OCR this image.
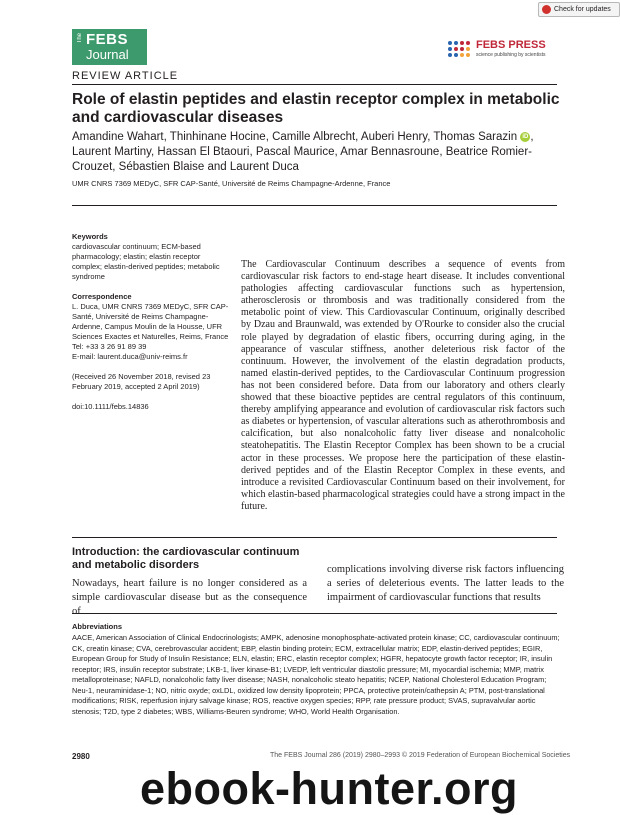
Check for updates
The FEBS
Journal
FEBS PRESS
science publishing by scientists
REVIEW ARTICLE
Role of elastin peptides and elastin receptor complex in metabolic and cardiovascular diseases
Amandine Wahart, Thinhinane Hocine, Camille Albrecht, Auberi Henry, Thomas Sarazin iD , Laurent Martiny, Hassan El Btaouri, Pascal Maurice, Amar Bennasroune, Beatrice Romier-Crouzet, Sébastien Blaise and Laurent Duca
UMR CNRS 7369 MEDyC, SFR CAP-Santé, Université de Reims Champagne-Ardenne, France
Keywords

cardiovascular continuum; ECM-based pharmacology; elastin; elastin receptor complex; elastin-derived peptides; metabolic syndrome

Correspondence

L. Duca, UMR CNRS 7369 MEDyC, SFR CAP-Santé, Université de Reims Champagne-Ardenne, Campus Moulin de la Housse, UFR Sciences Exactes et Naturelles, Reims, France

Tel: +33 3 26 91 89 39

E-mail: laurent.duca@univ-reims.fr

(Received 26 November 2018, revised 23 February 2019, accepted 2 April 2019)

doi:10.1111/febs.14836

The Cardiovascular Continuum describes a sequence of events from cardiovascular risk factors to end-stage heart disease. It includes conventional pathologies affecting cardiovascular functions such as hypertension, atherosclerosis or thrombosis and was traditionally considered from the metabolic point of view. This Cardiovascular Continuum, originally described by Dzau and Braunwald, was extended by O'Rourke to consider also the crucial role played by degradation of elastic fibers, occurring during aging, in the appearance of vascular stiffness, another deleterious risk factor of the continuum. However, the involvement of the elastin degradation products, named elastin-derived peptides, to the Cardiovascular Continuum progression has not been considered before. Data from our laboratory and others clearly showed that these bioactive peptides are central regulators of this continuum, thereby amplifying appearance and evolution of cardiovascular risk factors such as diabetes or hypertension, of vascular alterations such as atherothrombosis and calcification, but also nonalcoholic fatty liver disease and nonalcoholic steatohepatitis. The Elastin Receptor Complex has been shown to be a crucial actor in these processes. We propose here the participation of these elastin-derived peptides and of the Elastin Receptor Complex in these events, and introduce a revisited Cardiovascular Continuum based on their involvement, for which elastin-based pharmacological strategies could have a strong impact in the future.
Introduction: the cardiovascular continuum and metabolic disorders
Nowadays, heart failure is no longer considered as a simple cardiovascular disease but as the consequence of
complications involving diverse risk factors influencing a series of deleterious events. The latter leads to the impairment of cardiovascular functions that results
Abbreviations
AACE, American Association of Clinical Endocrinologists; AMPK, adenosine monophosphate-activated protein kinase; CC, cardiovascular continuum; CK, creatin kinase; CVA, cerebrovascular accident; EBP, elastin binding protein; ECM, extracellular matrix; EDP, elastin-derived peptides; EGIR, European Group for Study of Insulin Resistance; ELN, elastin; ERC, elastin receptor complex; HGFR, hepatocyte growth factor receptor; IR, insulin receptor; IRS, insulin receptor substrate; LKB-1, liver kinase-B1; LVEDP, left ventricular diastolic pressure; MI, myocardial ischemia; MMP, matrix metalloproteinase; NAFLD, nonalcoholic fatty liver disease; NASH, nonalcoholic steato hepatitis; NCEP, National Cholesterol Education Program; Neu-1, neuraminidase-1; NO, nitric oxyde; oxLDL, oxidized low density lipoprotein; PPCA, protective protein/cathepsin A; PTM, post-translational modifications; RISK, reperfusion injury salvage kinase; ROS, reactive oxygen species; RPP, rate pressure product; SVAS, supravalvular aortic stenosis; T2D, type 2 diabetes; WBS, Williams-Beuren syndrome; WHO, World Health Organisation.
2980	The FEBS Journal 286 (2019) 2980–2993 © 2019 Federation of European Biochemical Societies
ebook-hunter.org
